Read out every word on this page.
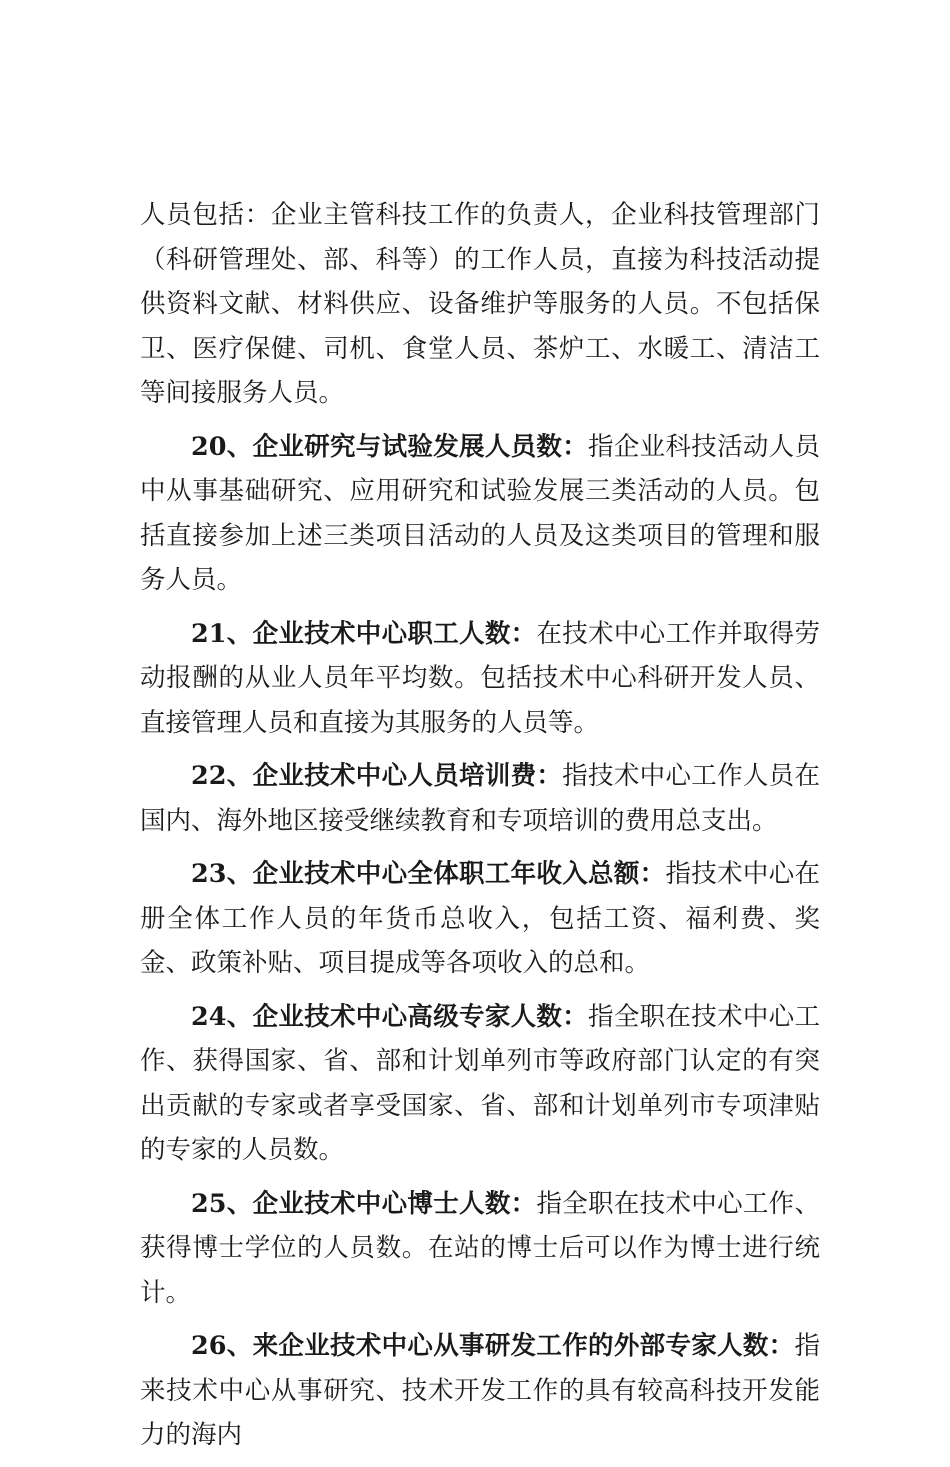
人员包括：企业主管科技工作的负责人，企业科技管理部门（科研管理处、部、科等）的工作人员，直接为科技活动提供资料文献、材料供应、设备维护等服务的人员。不包括保卫、医疗保健、司机、食堂人员、茶炉工、水暖工、清洁工等间接服务人员。

20、企业研究与试验发展人员数：指企业科技活动人员中从事基础研究、应用研究和试验发展三类活动的人员。包括直接参加上述三类项目活动的人员及这类项目的管理和服务人员。

21、企业技术中心职工人数：在技术中心工作并取得劳动报酬的从业人员年平均数。包括技术中心科研开发人员、直接管理人员和直接为其服务的人员等。

22、企业技术中心人员培训费：指技术中心工作人员在国内、海外地区接受继续教育和专项培训的费用总支出。

23、企业技术中心全体职工年收入总额：指技术中心在册全体工作人员的年货币总收入，包括工资、福利费、奖金、政策补贴、项目提成等各项收入的总和。

24、企业技术中心高级专家人数：指全职在技术中心工作、获得国家、省、部和计划单列市等政府部门认定的有突出贡献的专家或者享受国家、省、部和计划单列市专项津贴的专家的人员数。

25、企业技术中心博士人数：指全职在技术中心工作、获得博士学位的人员数。在站的博士后可以作为博士进行统计。

26、来企业技术中心从事研发工作的外部专家人数：指来技术中心从事研究、技术开发工作的具有较高科技开发能力的海内
